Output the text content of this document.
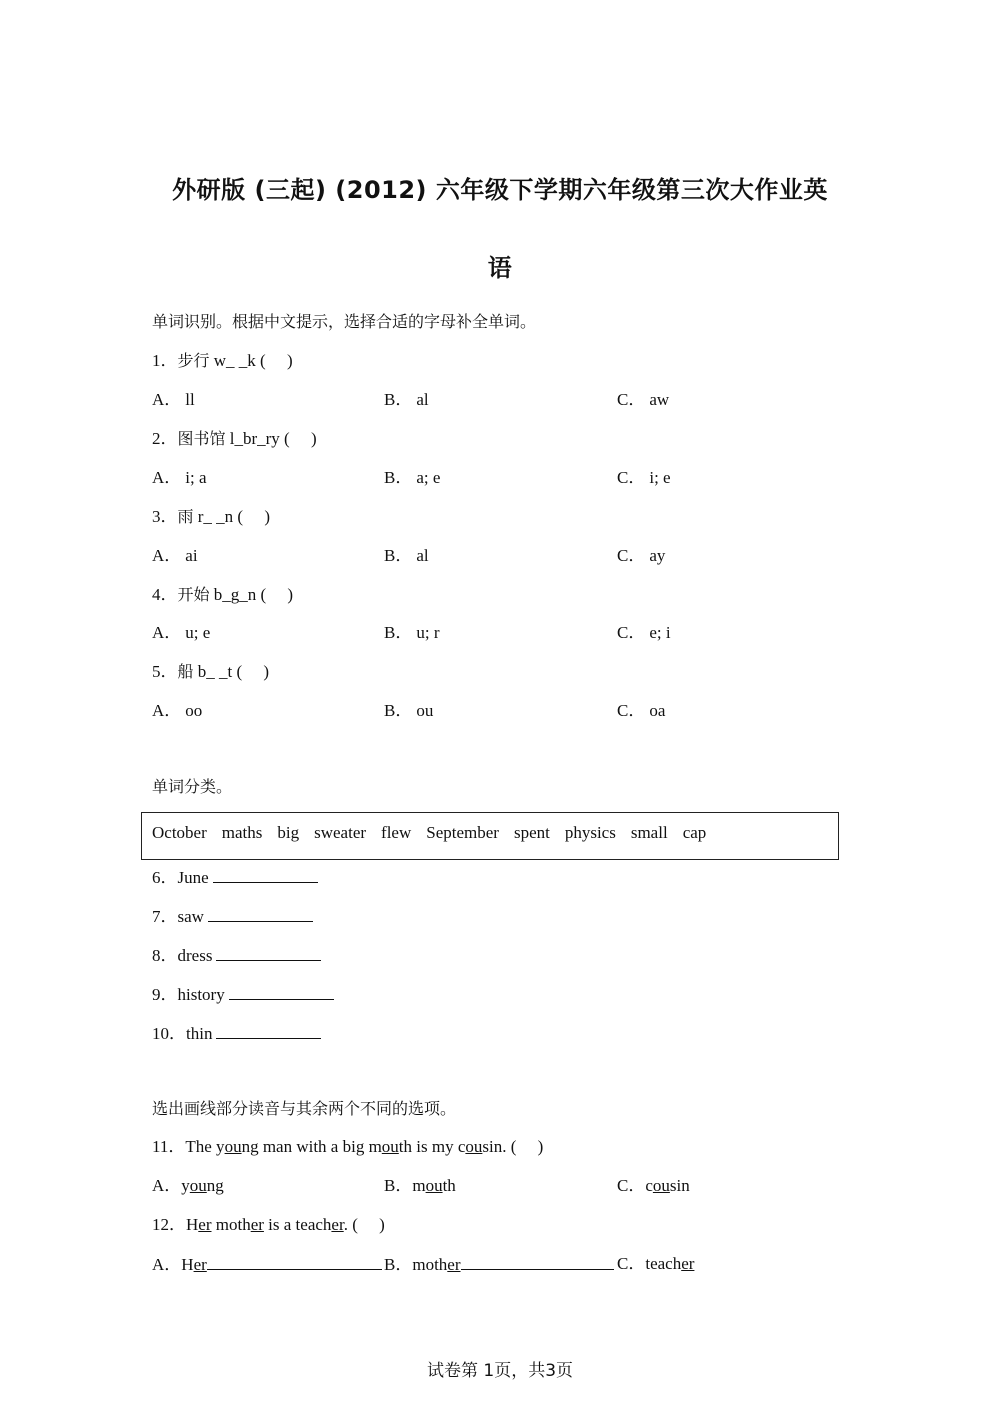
外研版 (三起) (2012) 六年级下学期六年级第三次大作业英
语
单词识别。根据中文提示，选择合适的字母补全单词。
1．步行 w_ _k (　 )
A． ll	B． al	C． aw
2．图书馆 l_br_ry (　 )
A． i; a	B． a; e	C． i; e
3．雨 r_ _n (　 )
A． ai	B． al	C． ay
4．开始 b_g_n (　 )
A． u; e	B． u; r	C． e; i
5．船 b_ _t (　 )
A． oo	B． ou	C． oa
单词分类。
October maths big sweater flew September spent physics small cap
6．June
7．saw
8．dress
9．history
10．thin
选出画线部分读音与其余两个不同的选项。
11．The young man with a big mouth is my cousin. (　 )
A．young	B．mouth	C．cousin
12．Her mother is a teacher. (　 )
A．Her	B．mother	C．teacher
试卷第 1页，共3页
